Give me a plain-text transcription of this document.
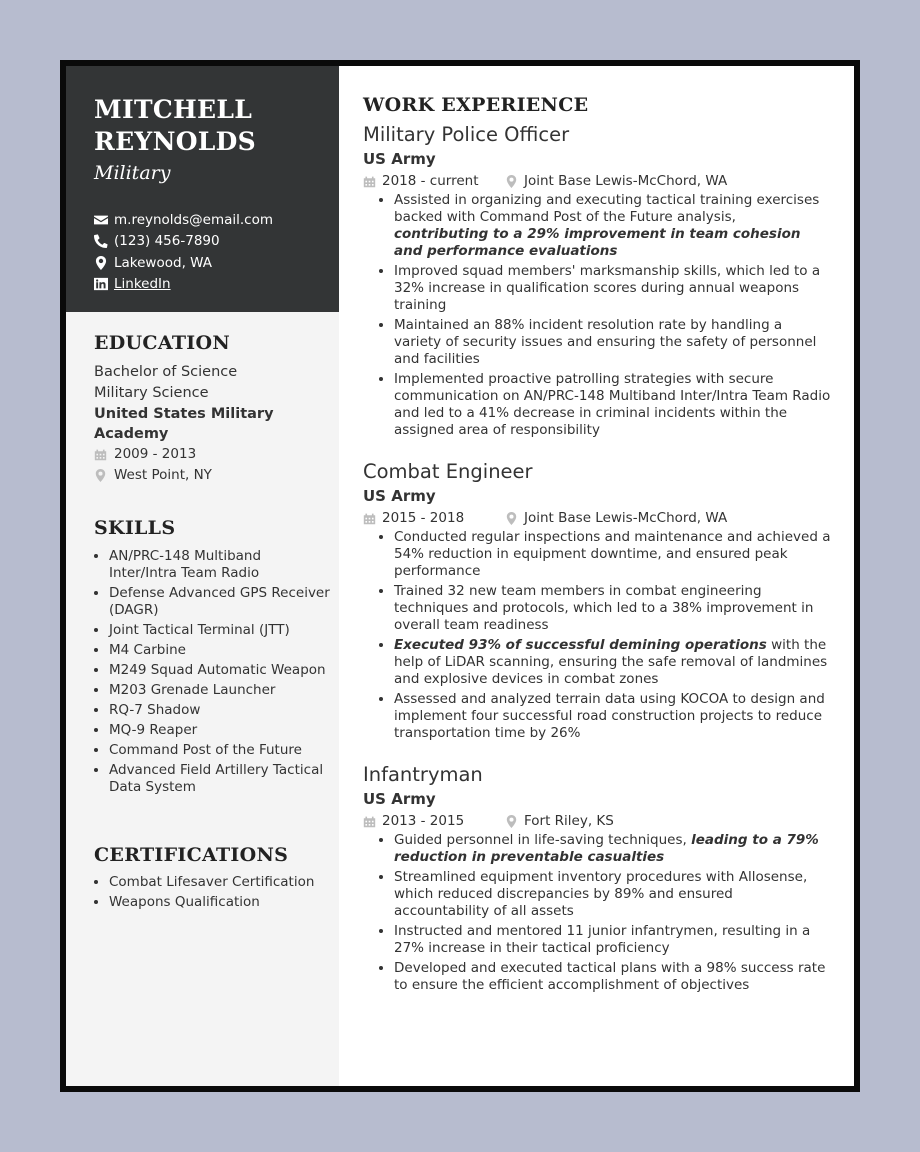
MITCHELL
REYNOLDS
Military
m.reynolds@email.com
(123) 456-7890
Lakewood, WA
LinkedIn
EDUCATION
Bachelor of Science
Military Science
United States Military Academy
2009 - 2013
West Point, NY
SKILLS
• AN/PRC-148 Multiband Inter/Intra Team Radio
• Defense Advanced GPS Receiver (DAGR)
• Joint Tactical Terminal (JTT)
• M4 Carbine
• M249 Squad Automatic Weapon
• M203 Grenade Launcher
• RQ-7 Shadow
• MQ-9 Reaper
• Command Post of the Future
• Advanced Field Artillery Tactical Data System
CERTIFICATIONS
• Combat Lifesaver Certification
• Weapons Qualification
WORK EXPERIENCE
Military Police Officer
US Army
2018 - current	Joint Base Lewis-McChord, WA
• Assisted in organizing and executing tactical training exercises backed with Command Post of the Future analysis, contributing to a 29% improvement in team cohesion and performance evaluations
• Improved squad members' marksmanship skills, which led to a 32% increase in qualification scores during annual weapons training
• Maintained an 88% incident resolution rate by handling a variety of security issues and ensuring the safety of personnel and facilities
• Implemented proactive patrolling strategies with secure communication on AN/PRC-148 Multiband Inter/Intra Team Radio and led to a 41% decrease in criminal incidents within the assigned area of responsibility
Combat Engineer
US Army
2015 - 2018	Joint Base Lewis-McChord, WA
• Conducted regular inspections and maintenance and achieved a 54% reduction in equipment downtime, and ensured peak performance
• Trained 32 new team members in combat engineering techniques and protocols, which led to a 38% improvement in overall team readiness
• Executed 93% of successful demining operations with the help of LiDAR scanning, ensuring the safe removal of landmines and explosive devices in combat zones
• Assessed and analyzed terrain data using KOCOA to design and implement four successful road construction projects to reduce transportation time by 26%
Infantryman
US Army
2013 - 2015	Fort Riley, KS
• Guided personnel in life-saving techniques, leading to a 79% reduction in preventable casualties
• Streamlined equipment inventory procedures with Allosense, which reduced discrepancies by 89% and ensured accountability of all assets
• Instructed and mentored 11 junior infantrymen, resulting in a 27% increase in their tactical proficiency
• Developed and executed tactical plans with a 98% success rate to ensure the efficient accomplishment of objectives
